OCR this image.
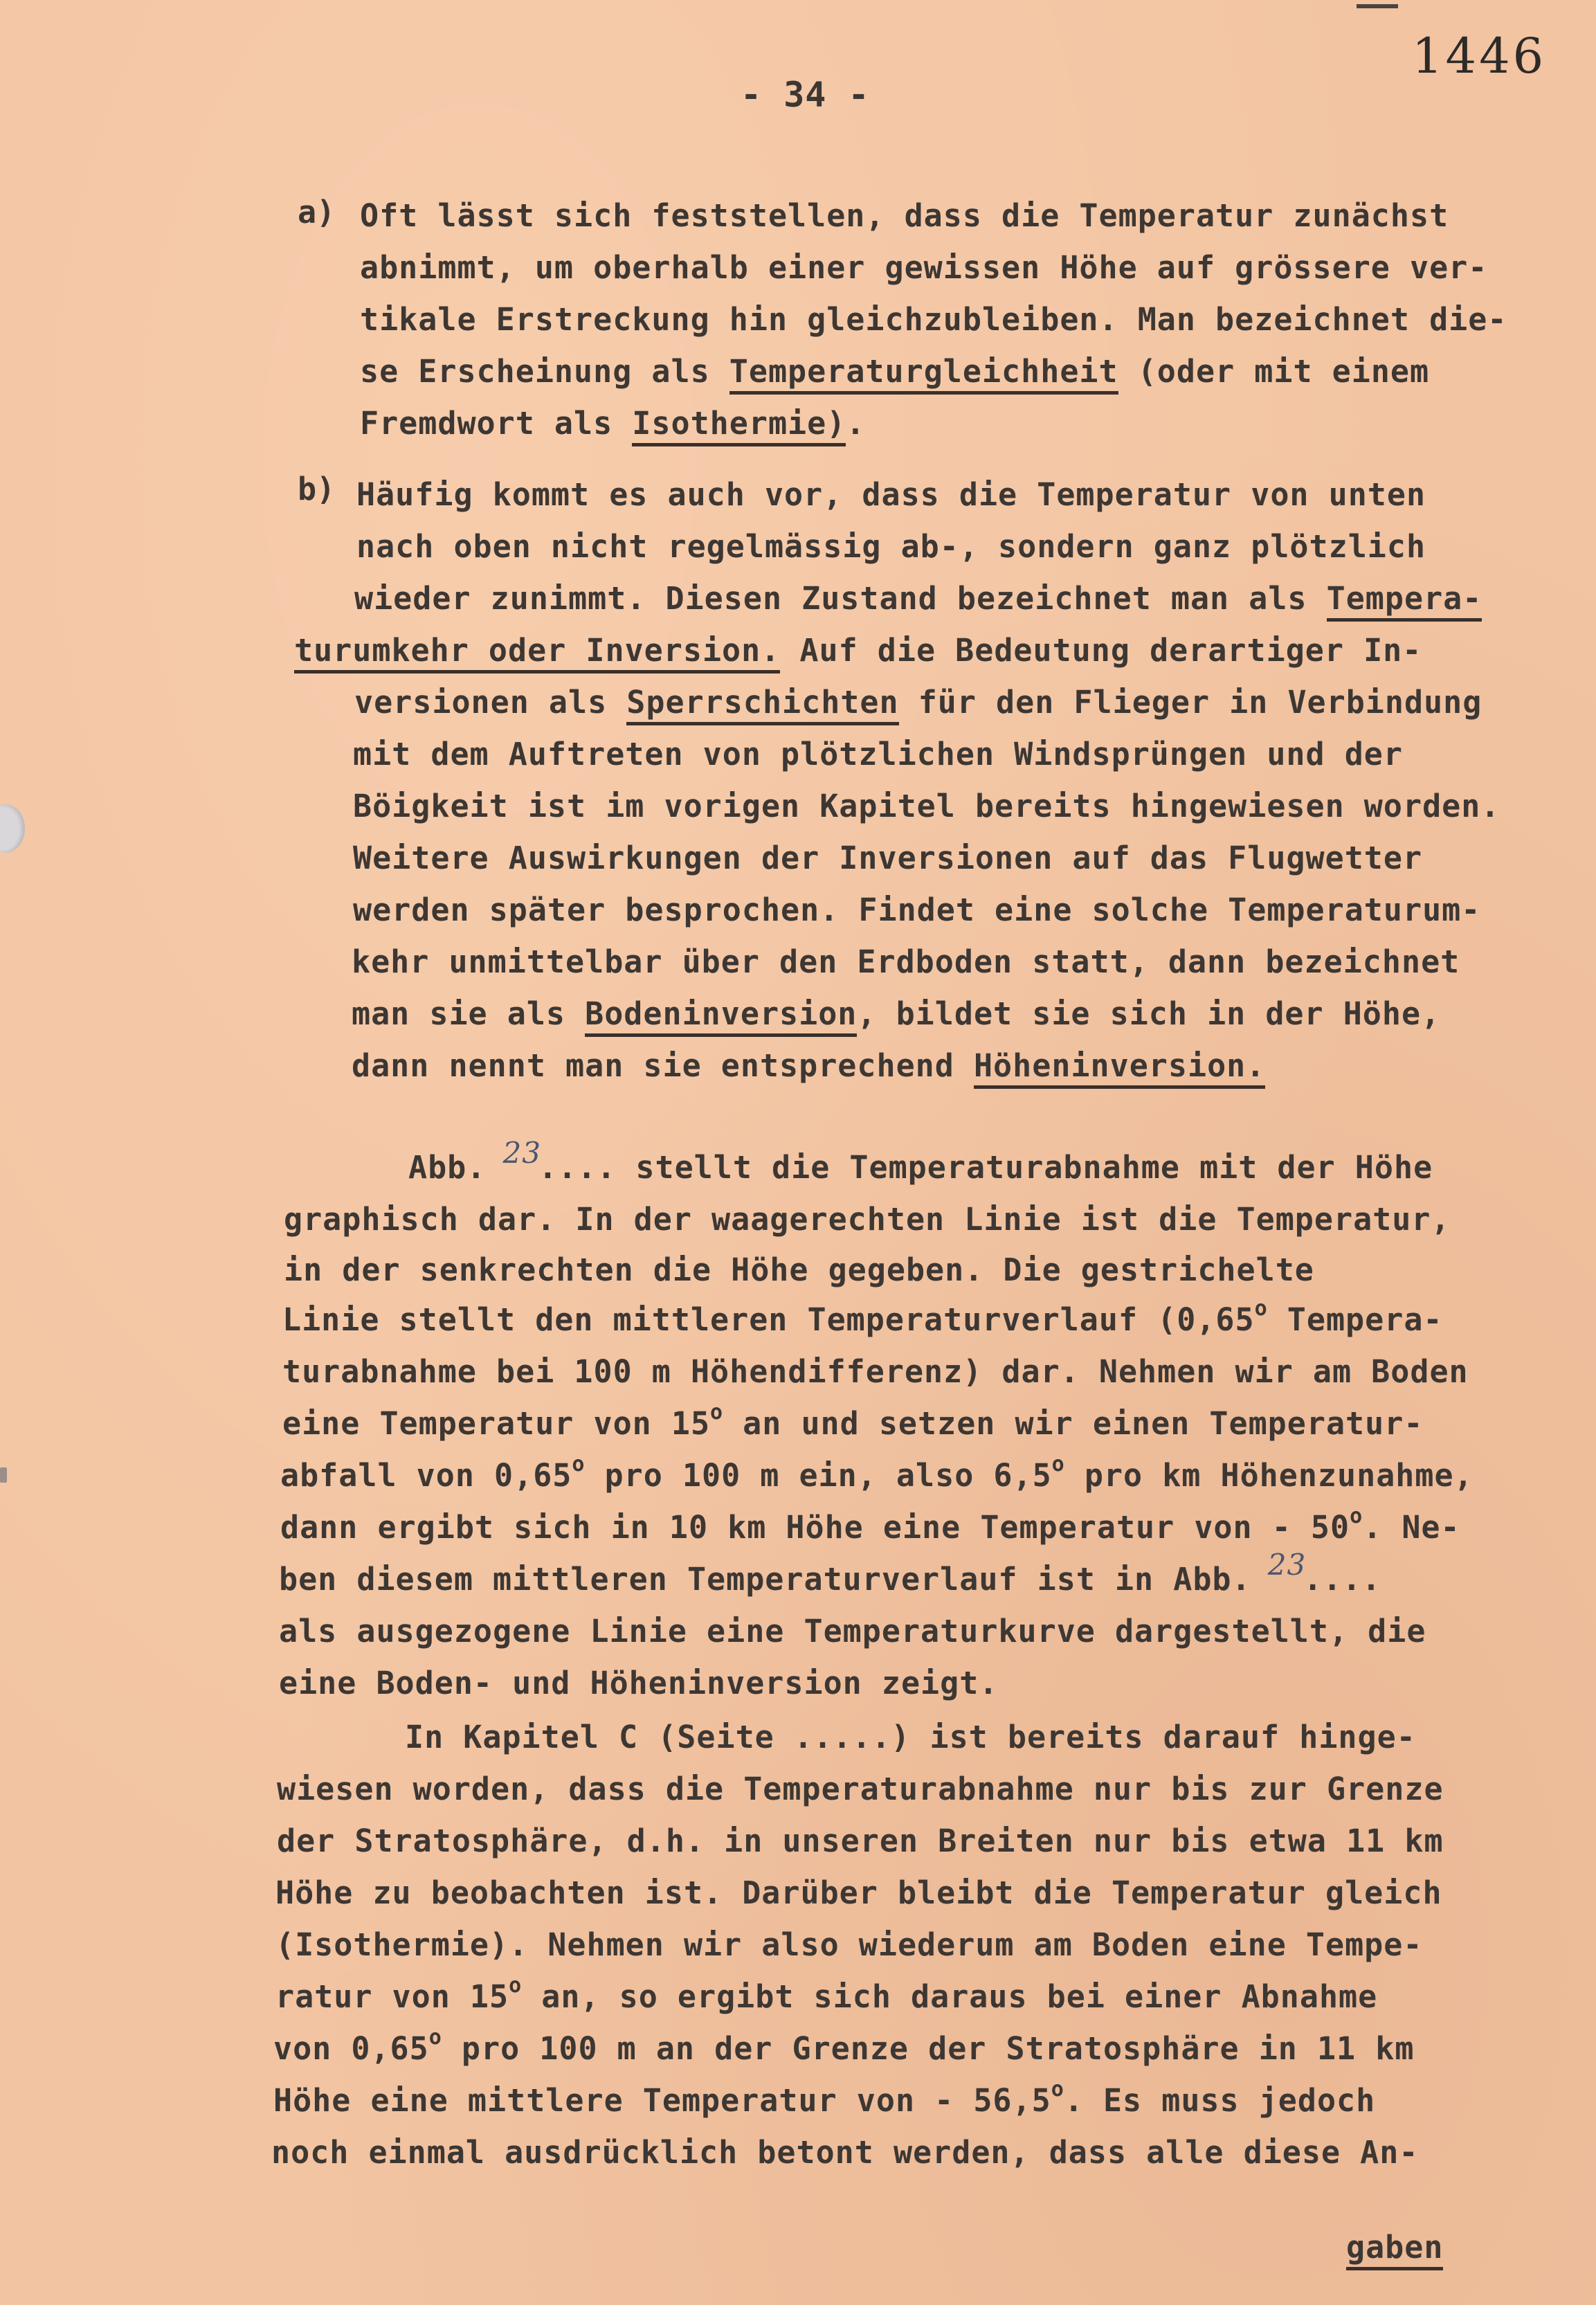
1446
- 34 -
a) Oft lässt sich feststellen, dass die Temperatur zunächst
abnimmt, um oberhalb einer gewissen Höhe auf grössere ver-
tikale Erstreckung hin gleichzubleiben. Man bezeichnet die-
se Erscheinung als Temperaturgleichheit (oder mit einem
Fremdwort als Isothermie).
b) Häufig kommt es auch vor, dass die Temperatur von unten
nach oben nicht regelmässig ab-, sondern ganz plötzlich
wieder zunimmt. Diesen Zustand bezeichnet man als Tempera-
turumkehr oder Inversion. Auf die Bedeutung derartiger In-
versionen als Sperrschichten für den Flieger in Verbindung
mit dem Auftreten von plötzlichen Windsprüngen und der
Böigkeit ist im vorigen Kapitel bereits hingewiesen worden.
Weitere Auswirkungen der Inversionen auf das Flugwetter
werden später besprochen. Findet eine solche Temperaturum-
kehr unmittelbar über den Erdboden statt, dann bezeichnet
man sie als Bodeninversion, bildet sie sich in der Höhe,
dann nennt man sie entsprechend Höheninversion.
Abb. 23.... stellt die Temperaturabnahme mit der Höhe
graphisch dar. In der waagerechten Linie ist die Temperatur,
in der senkrechten die Höhe gegeben. Die gestrichelte
Linie stellt den mittleren Temperaturverlauf (0,65$^o$ Tempera-
turabnahme bei 100 m Höhendifferenz) dar. Nehmen wir am Boden
eine Temperatur von 15$^o$ an und setzen wir einen Temperatur-
abfall von 0,65$^o$ pro 100 m ein, also 6,5$^o$ pro km Höhenzunahme,
dann ergibt sich in 10 km Höhe eine Temperatur von - 50$^o$. Ne-
ben diesem mittleren Temperaturverlauf ist in Abb. 23....
als ausgezogene Linie eine Temperaturkurve dargestellt, die
eine Boden- und Höheninversion zeigt.
In Kapitel C (Seite .....) ist bereits darauf hinge-
wiesen worden, dass die Temperaturabnahme nur bis zur Grenze
der Stratosphäre, d.h. in unseren Breiten nur bis etwa 11 km
Höhe zu beobachten ist. Darüber bleibt die Temperatur gleich
(Isothermie). Nehmen wir also wiederum am Boden eine Tempe-
ratur von 15$^o$ an, so ergibt sich daraus bei einer Abnahme
von 0,65$^o$ pro 100 m an der Grenze der Stratosphäre in 11 km
Höhe eine mittlere Temperatur von - 56,5$^o$. Es muss jedoch
noch einmal ausdrücklich betont werden, dass alle diese An-
gaben
